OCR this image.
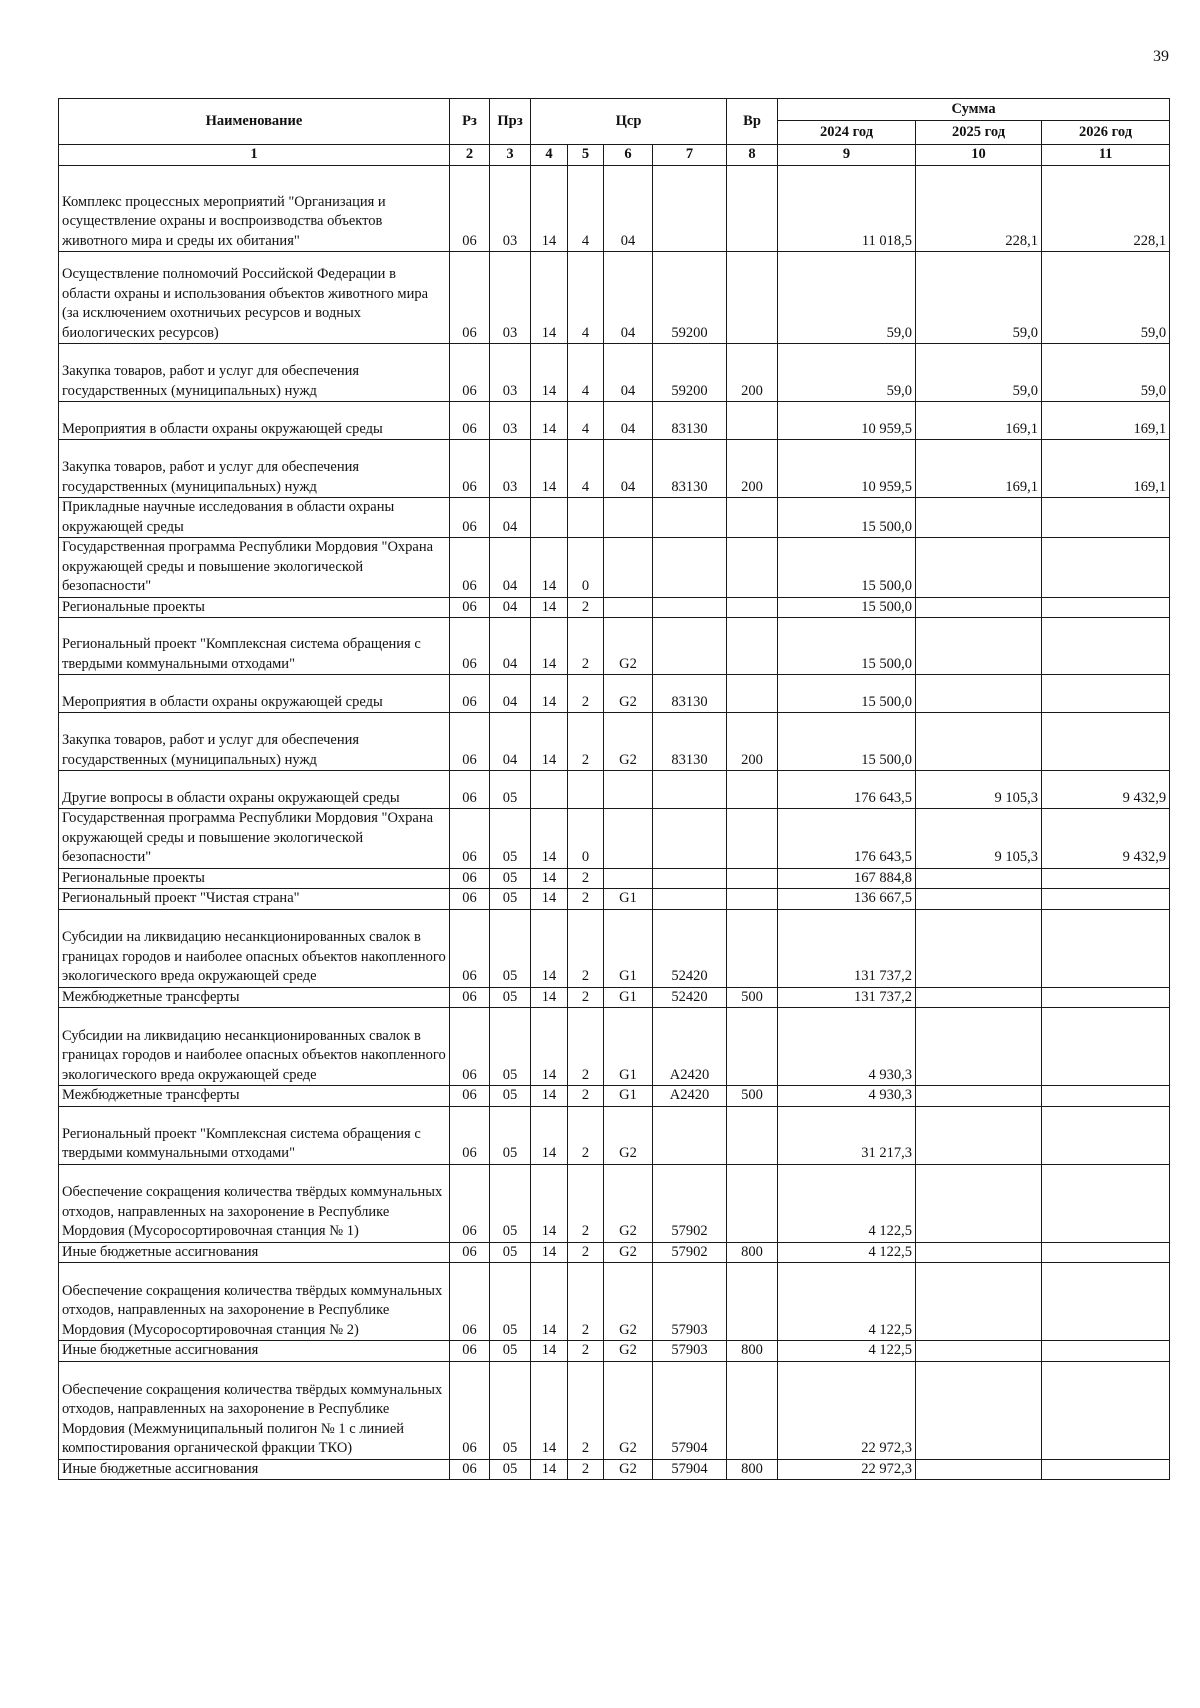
39
Наименование	Рз	Прз	Цср				Вр	Сумма		
								2024 год	2025 год	2026 год
1	2	3	4	5	6	7	8	9	10	11
Комплекс процессных мероприятий "Организация и осуществление охраны и воспроизводства объектов животного мира и среды их обитания"	06	03	14	4	04			11 018,5	228,1	228,1
Осуществление полномочий Российской Федерации в области охраны и использования объектов животного мира (за исключением охотничьих ресурсов и водных биологических ресурсов)	06	03	14	4	04	59200		59,0	59,0	59,0
Закупка товаров, работ и услуг для обеспечения государственных (муниципальных) нужд	06	03	14	4	04	59200	200	59,0	59,0	59,0
Мероприятия в области охраны окружающей среды	06	03	14	4	04	83130		10 959,5	169,1	169,1
Закупка товаров, работ и услуг для обеспечения государственных (муниципальных) нужд	06	03	14	4	04	83130	200	10 959,5	169,1	169,1
Прикладные научные исследования в области охраны окружающей среды	06	04						15 500,0		
Государственная программа Республики Мордовия "Охрана окружающей среды и повышение экологической безопасности"	06	04	14	0				15 500,0		
Региональные проекты	06	04	14	2				15 500,0		
Региональный проект "Комплексная система обращения с твердыми коммунальными отходами"	06	04	14	2	G2			15 500,0		
Мероприятия в области охраны окружающей среды	06	04	14	2	G2	83130		15 500,0		
Закупка товаров, работ и услуг для обеспечения государственных (муниципальных) нужд	06	04	14	2	G2	83130	200	15 500,0		
Другие вопросы в области охраны окружающей среды	06	05						176 643,5	9 105,3	9 432,9
Государственная программа Республики Мордовия "Охрана окружающей среды и повышение экологической безопасности"	06	05	14	0				176 643,5	9 105,3	9 432,9
Региональные проекты	06	05	14	2				167 884,8		
Региональный проект "Чистая страна"	06	05	14	2	G1			136 667,5		
Субсидии на ликвидацию несанкционированных свалок в границах городов и наиболее опасных объектов накопленного экологического вреда окружающей среде	06	05	14	2	G1	52420		131 737,2		
Межбюджетные трансферты	06	05	14	2	G1	52420	500	131 737,2		
Субсидии на ликвидацию несанкционированных свалок в границах городов и наиболее опасных объектов накопленного экологического вреда окружающей среде	06	05	14	2	G1	А2420		4 930,3		
Межбюджетные трансферты	06	05	14	2	G1	А2420	500	4 930,3		
Региональный проект "Комплексная система обращения с твердыми коммунальными отходами"	06	05	14	2	G2			31 217,3		
Обеспечение сокращения количества твёрдых коммунальных отходов, направленных на захоронение в Республике Мордовия (Мусоросортировочная станция № 1)	06	05	14	2	G2	57902		4 122,5		
Иные бюджетные ассигнования	06	05	14	2	G2	57902	800	4 122,5		
Обеспечение сокращения количества твёрдых коммунальных отходов, направленных на захоронение в Республике Мордовия (Мусоросортировочная станция № 2)	06	05	14	2	G2	57903		4 122,5		
Иные бюджетные ассигнования	06	05	14	2	G2	57903	800	4 122,5		
Обеспечение сокращения количества твёрдых коммунальных отходов, направленных на захоронение в Республике Мордовия (Межмуниципальный полигон № 1 с линией компостирования органической фракции ТКО)	06	05	14	2	G2	57904		22 972,3		
Иные бюджетные ассигнования	06	05	14	2	G2	57904	800	22 972,3		
